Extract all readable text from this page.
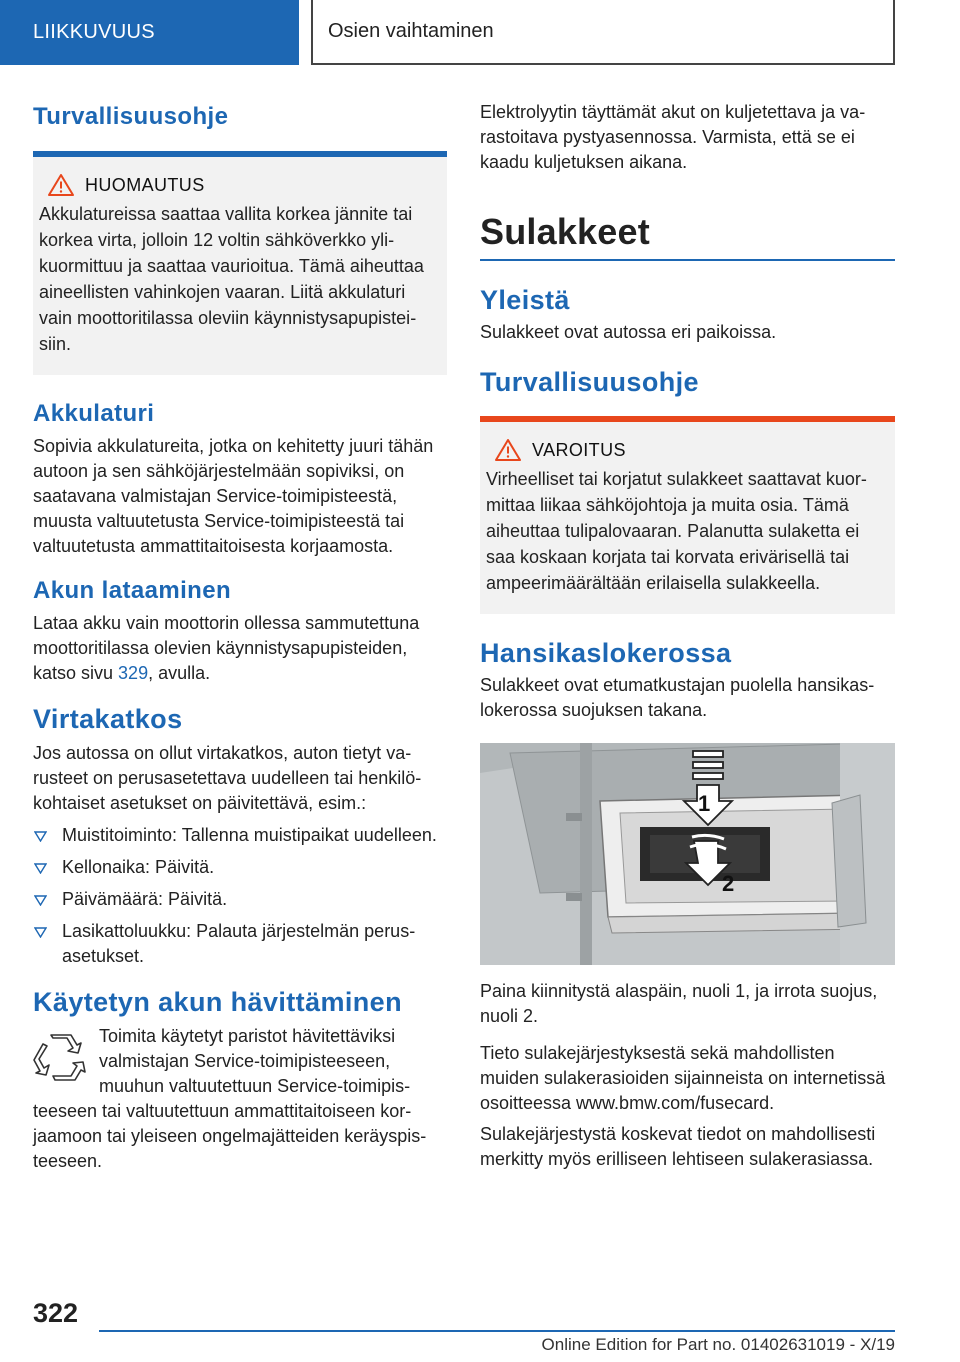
LIIKKUVUUS	Osien vaihtaminen
Turvallisuusohje
HUOMAUTUS

Akkulatureissa saattaa vallita korkea jännite tai korkea virta, jolloin 12 voltin sähköverkko ylikuormittuu ja saattaa vaurioitua. Tämä aiheuttaa aineellisten vahinkojen vaaran. Liitä akkulaturi vain moottoritilassa oleviin käynnistysapupisteisiin.

Akkulaturi

Sopivia akkulatureita, jotka on kehitetty juuri tähän autoon ja sen sähköjärjestelmään sopiviksi, on saatavana valmistajan Service-toimipisteestä, muusta valtuutetusta Service-toimipisteestä tai valtuutetusta ammattitaitoisesta korjaamosta.

Akun lataaminen

Lataa akku vain moottorin ollessa sammutettuna moottoritilassa olevien käynnistysapupisteiden, katso sivu 329, avulla.

Virtakatkos

Jos autossa on ollut virtakatkos, auton tietyt varusteet on perusasetettava uudelleen tai henkilökohtaiset asetukset on päivitettävä, esim.:

Muistitoiminto: Tallenna muistipaikat uudelleen.
Kellonaika: Päivitä.
Päivämäärä: Päivitä.
Lasikattoluukku: Palauta järjestelmän perusasetukset.
Käytetyn akun hävittäminen

Toimita käytetyt paristot hävitettäviksi valmistajan Service-toimipisteeseen, muuhun valtuutettuun Service-toimipisteeseen tai valtuutettuun ammattitaitoiseen korjaamoon tai yleiseen ongelmajätteiden keräyspisteeseen.

Elektrolyytin täyttämät akut on kuljetettava ja varastoitava pystyasennossa. Varmista, että se ei kaadu kuljetuksen aikana.

Sulakkeet
Yleistä

Sulakkeet ovat autossa eri paikoissa.

Turvallisuusohje
VAROITUS

Virheelliset tai korjatut sulakkeet saattavat kuormittaa liikaa sähköjohtoja ja muita osia. Tämä aiheuttaa tulipalovaaran. Palanutta sulaketta ei saa koskaan korjata tai korvata erivärisellä tai ampeerimäärältään erilaisella sulakkeella.

Hansikaslokerossa

Sulakkeet ovat etumatkustajan puolella hansikaslokerossa suojuksen takana.

1
2

Paina kiinnitystä alaspäin, nuoli 1, ja irrota suojus, nuoli 2.

Tieto sulakejärjestyksestä sekä mahdollisten muiden sulakerasioiden sijainneista on internetissä osoitteessa www.bmw.com/fusecard.

Sulakejärjestystä koskevat tiedot on mahdollisesti merkitty myös erilliseen lehtiseen sulakerasiassa.

322
Online Edition for Part no. 01402631019 - X/19
